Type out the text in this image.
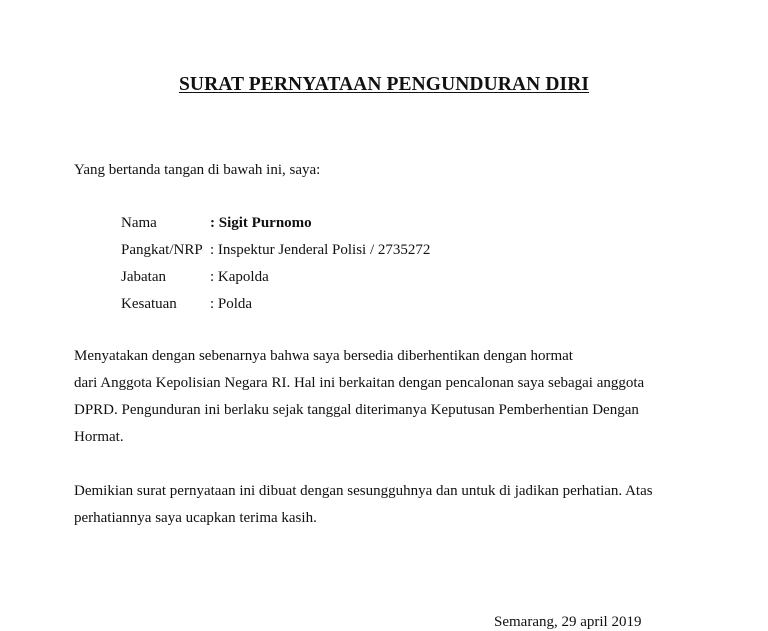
SURAT PERNYATAAN PENGUNDURAN DIRI
Yang bertanda tangan di bawah ini, saya:
Nama	: Sigit Purnomo
Pangkat/NRP : Inspektur Jenderal Polisi / 2735272
Jabatan	: Kapolda
Kesatuan : Polda
Menyatakan dengan sebenarnya bahwa saya bersedia diberhentikan dengan hormat
dari Anggota Kepolisian Negara RI. Hal ini berkaitan dengan pencalonan saya sebagai anggota
DPRD. Pengunduran ini berlaku sejak tanggal diterimanya Keputusan Pemberhentian Dengan
Hormat.
Demikian surat pernyataan ini dibuat dengan sesungguhnya dan untuk di jadikan perhatian. Atas
perhatiannya saya ucapkan terima kasih.
Semarang, 29 april 2019
